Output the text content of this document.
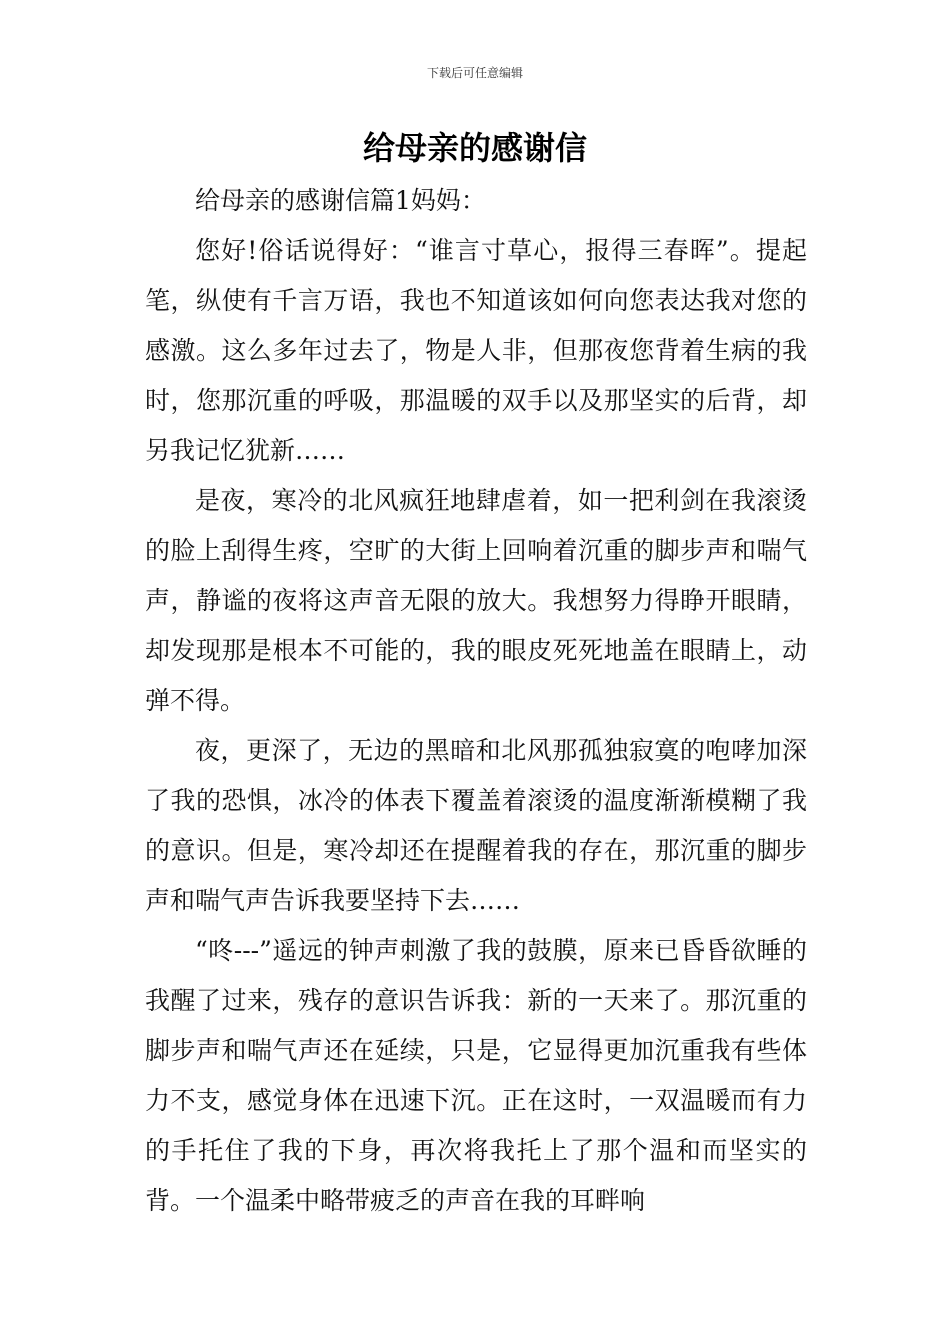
下载后可任意编辑
给母亲的感谢信

给母亲的感谢信篇1妈妈：

您好!俗话说得好：“谁言寸草心，报得三春晖”。提起笔，纵使有千言万语，我也不知道该如何向您表达我对您的感激。这么多年过去了，物是人非，但那夜您背着生病的我时，您那沉重的呼吸，那温暖的双手以及那坚实的后背，却另我记忆犹新……

是夜，寒冷的北风疯狂地肆虐着，如一把利剑在我滚烫的脸上刮得生疼，空旷的大街上回响着沉重的脚步声和喘气声，静谧的夜将这声音无限的放大。我想努力得睁开眼睛，却发现那是根本不可能的，我的眼皮死死地盖在眼睛上，动弹不得。

夜，更深了，无边的黑暗和北风那孤独寂寞的咆哮加深了我的恐惧，冰冷的体表下覆盖着滚烫的温度渐渐模糊了我的意识。但是，寒冷却还在提醒着我的存在，那沉重的脚步声和喘气声告诉我要坚持下去……

“咚---”遥远的钟声刺激了我的鼓膜，原来已昏昏欲睡的我醒了过来，残存的意识告诉我：新的一天来了。那沉重的脚步声和喘气声还在延续，只是，它显得更加沉重我有些体力不支，感觉身体在迅速下沉。正在这时，一双温暖而有力的手托住了我的下身，再次将我托上了那个温和而坚实的背。一个温柔中略带疲乏的声音在我的耳畔响
